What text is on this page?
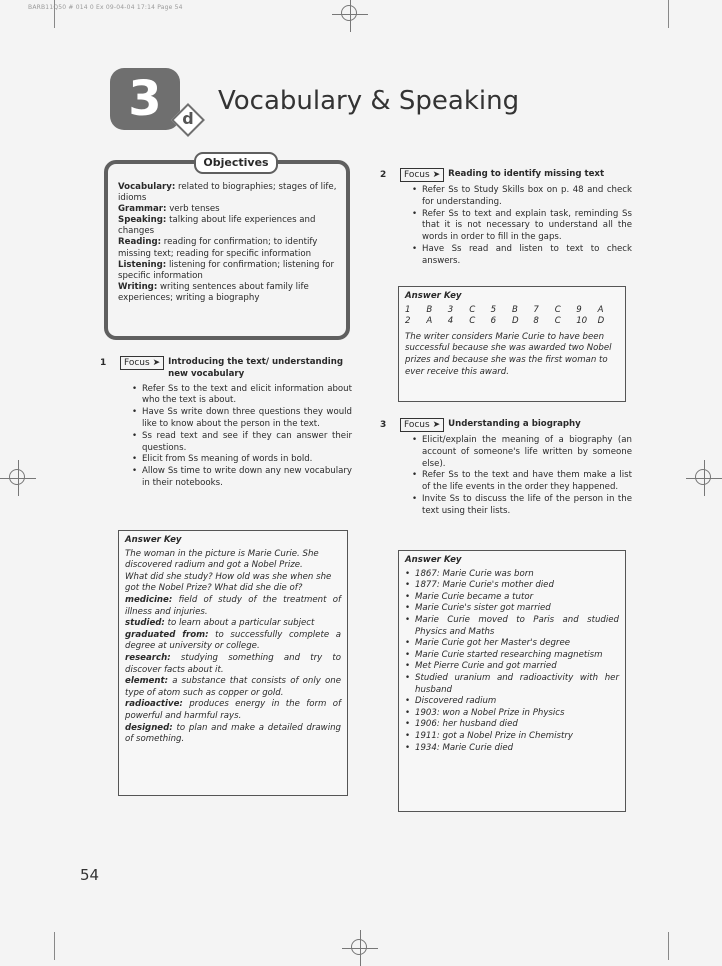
BARB11Q50 # 014 0 Ex 09-04-04 17:14 Page 54
3	d
Vocabulary & Speaking
Vocabulary: related to biographies; stages of life, idioms
Grammar: verb tenses
Speaking: talking about life experiences and changes
Reading: reading for confirmation; to identify missing text; reading for specific information
Listening: listening for confirmation; listening for specific information
Writing: writing sentences about family life experiences; writing a biography
Objectives
1	Focus ➤ Introducing the text/ understanding new vocabulary
• Refer Ss to the text and elicit information about who the text is about.
• Have Ss write down three questions they would like to know about the person in the text.
• Ss read text and see if they can answer their questions.
• Elicit from Ss meaning of words in bold.
• Allow Ss time to write down any new vocabulary in their notebooks.
Answer Key

The woman in the picture is Marie Curie. She discovered radium and got a Nobel Prize.

What did she study? How old was she when she got the Nobel Prize? What did she die of?

medicine: field of study of the treatment of illness and injuries.

studied: to learn about a particular subject

graduated from: to successfully complete a degree at university or college.

research: studying something and try to discover facts about it.

element: a substance that consists of only one type of atom such as copper or gold.

radioactive: produces energy in the form of powerful and harmful rays.

designed: to plan and make a detailed drawing of something.

2	Focus ➤ Reading to identify missing text
• Refer Ss to Study Skills box on p. 48 and check for understanding.
• Refer Ss to text and explain task, reminding Ss that it is not necessary to understand all the words in order to fill in the gaps.
• Have Ss read and listen to text to check answers.
Answer Key
1	B	3	C	5	B	7	C	9	A
2	A	4	C	6	D	8	C	10	D

The writer considers Marie Curie to have been successful because she was awarded two Nobel prizes and because she was the first woman to ever receive this award.

3	Focus ➤ Understanding a biography
• Elicit/explain the meaning of a biography (an account of someone's life written by someone else).
• Refer Ss to the text and have them make a list of the life events in the order they happened.
• Invite Ss to discuss the life of the person in the text using their lists.
Answer Key
• 1867: Marie Curie was born
• 1877: Marie Curie's mother died
• Marie Curie became a tutor
• Marie Curie's sister got married
• Marie Curie moved to Paris and studied Physics and Maths
• Marie Curie got her Master's degree
• Marie Curie started researching magnetism
• Met Pierre Curie and got married
• Studied uranium and radioactivity with her husband
• Discovered radium
• 1903: won a Nobel Prize in Physics
• 1906: her husband died
• 1911: got a Nobel Prize in Chemistry
• 1934: Marie Curie died
54
